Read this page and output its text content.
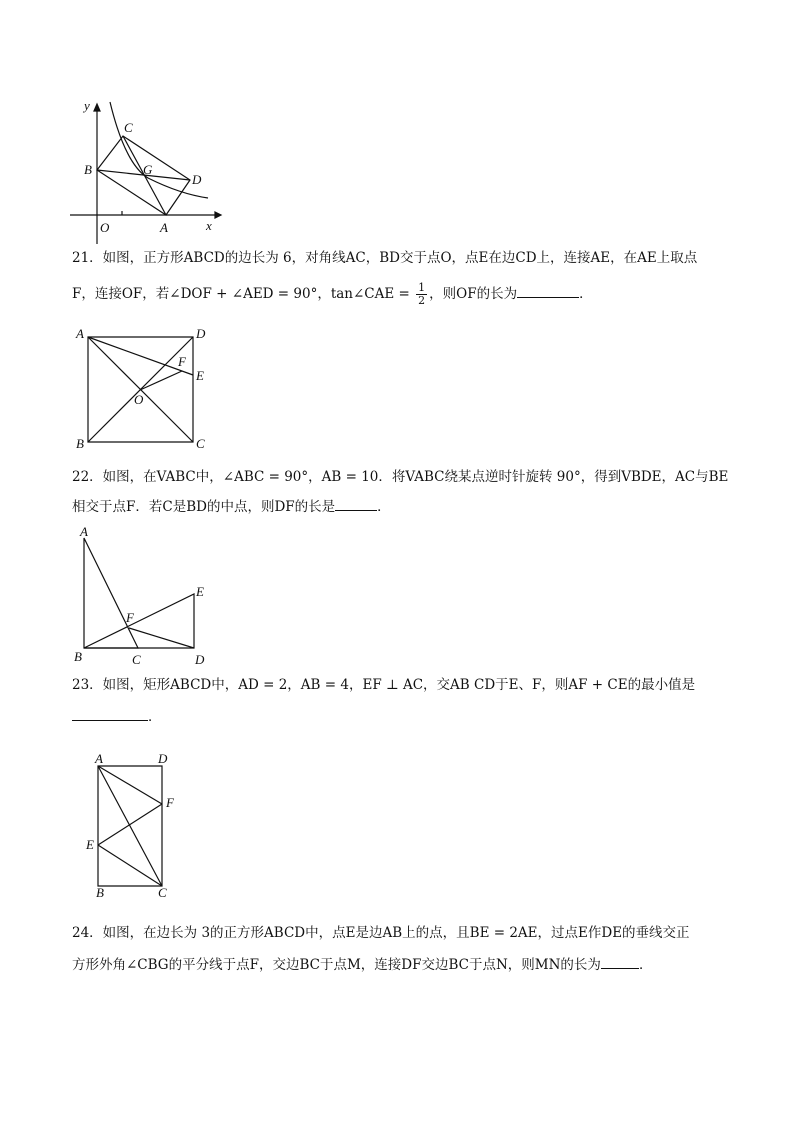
y
x
O	A
B
C
D
G

21．如图，正方形ABCD的边长为 6，对角线AC，BD交于点O，点E在边CD上，连接AE，在AE上取点

F，连接OF，若∠DOF + ∠AED = 90°，tan∠CAE = $\frac{1}{2}$ ，则OF的长为	．

A	D
B	C
E
F
O

22．如图，在VABC中，∠ABC = 90°，AB = 10．将VABC绕某点逆时针旋转 90°，得到VBDE，AC与BE

相交于点F．若C是BD的中点，则DF的长是	．

A
B	C	D
E
F

23．如图，矩形ABCD中，AD = 2，AB = 4，EF ⊥ AC，交AB CD于E、F，则AF + CE的最小值是

．

A	D
F
E
B	C

24．如图，在边长为 3的正方形ABCD中，点E是边AB上的点，且BE = 2AE，过点E作DE的垂线交正

方形外角∠CBG的平分线于点F，交边BC于点M，连接DF交边BC于点N，则MN的长为	．
